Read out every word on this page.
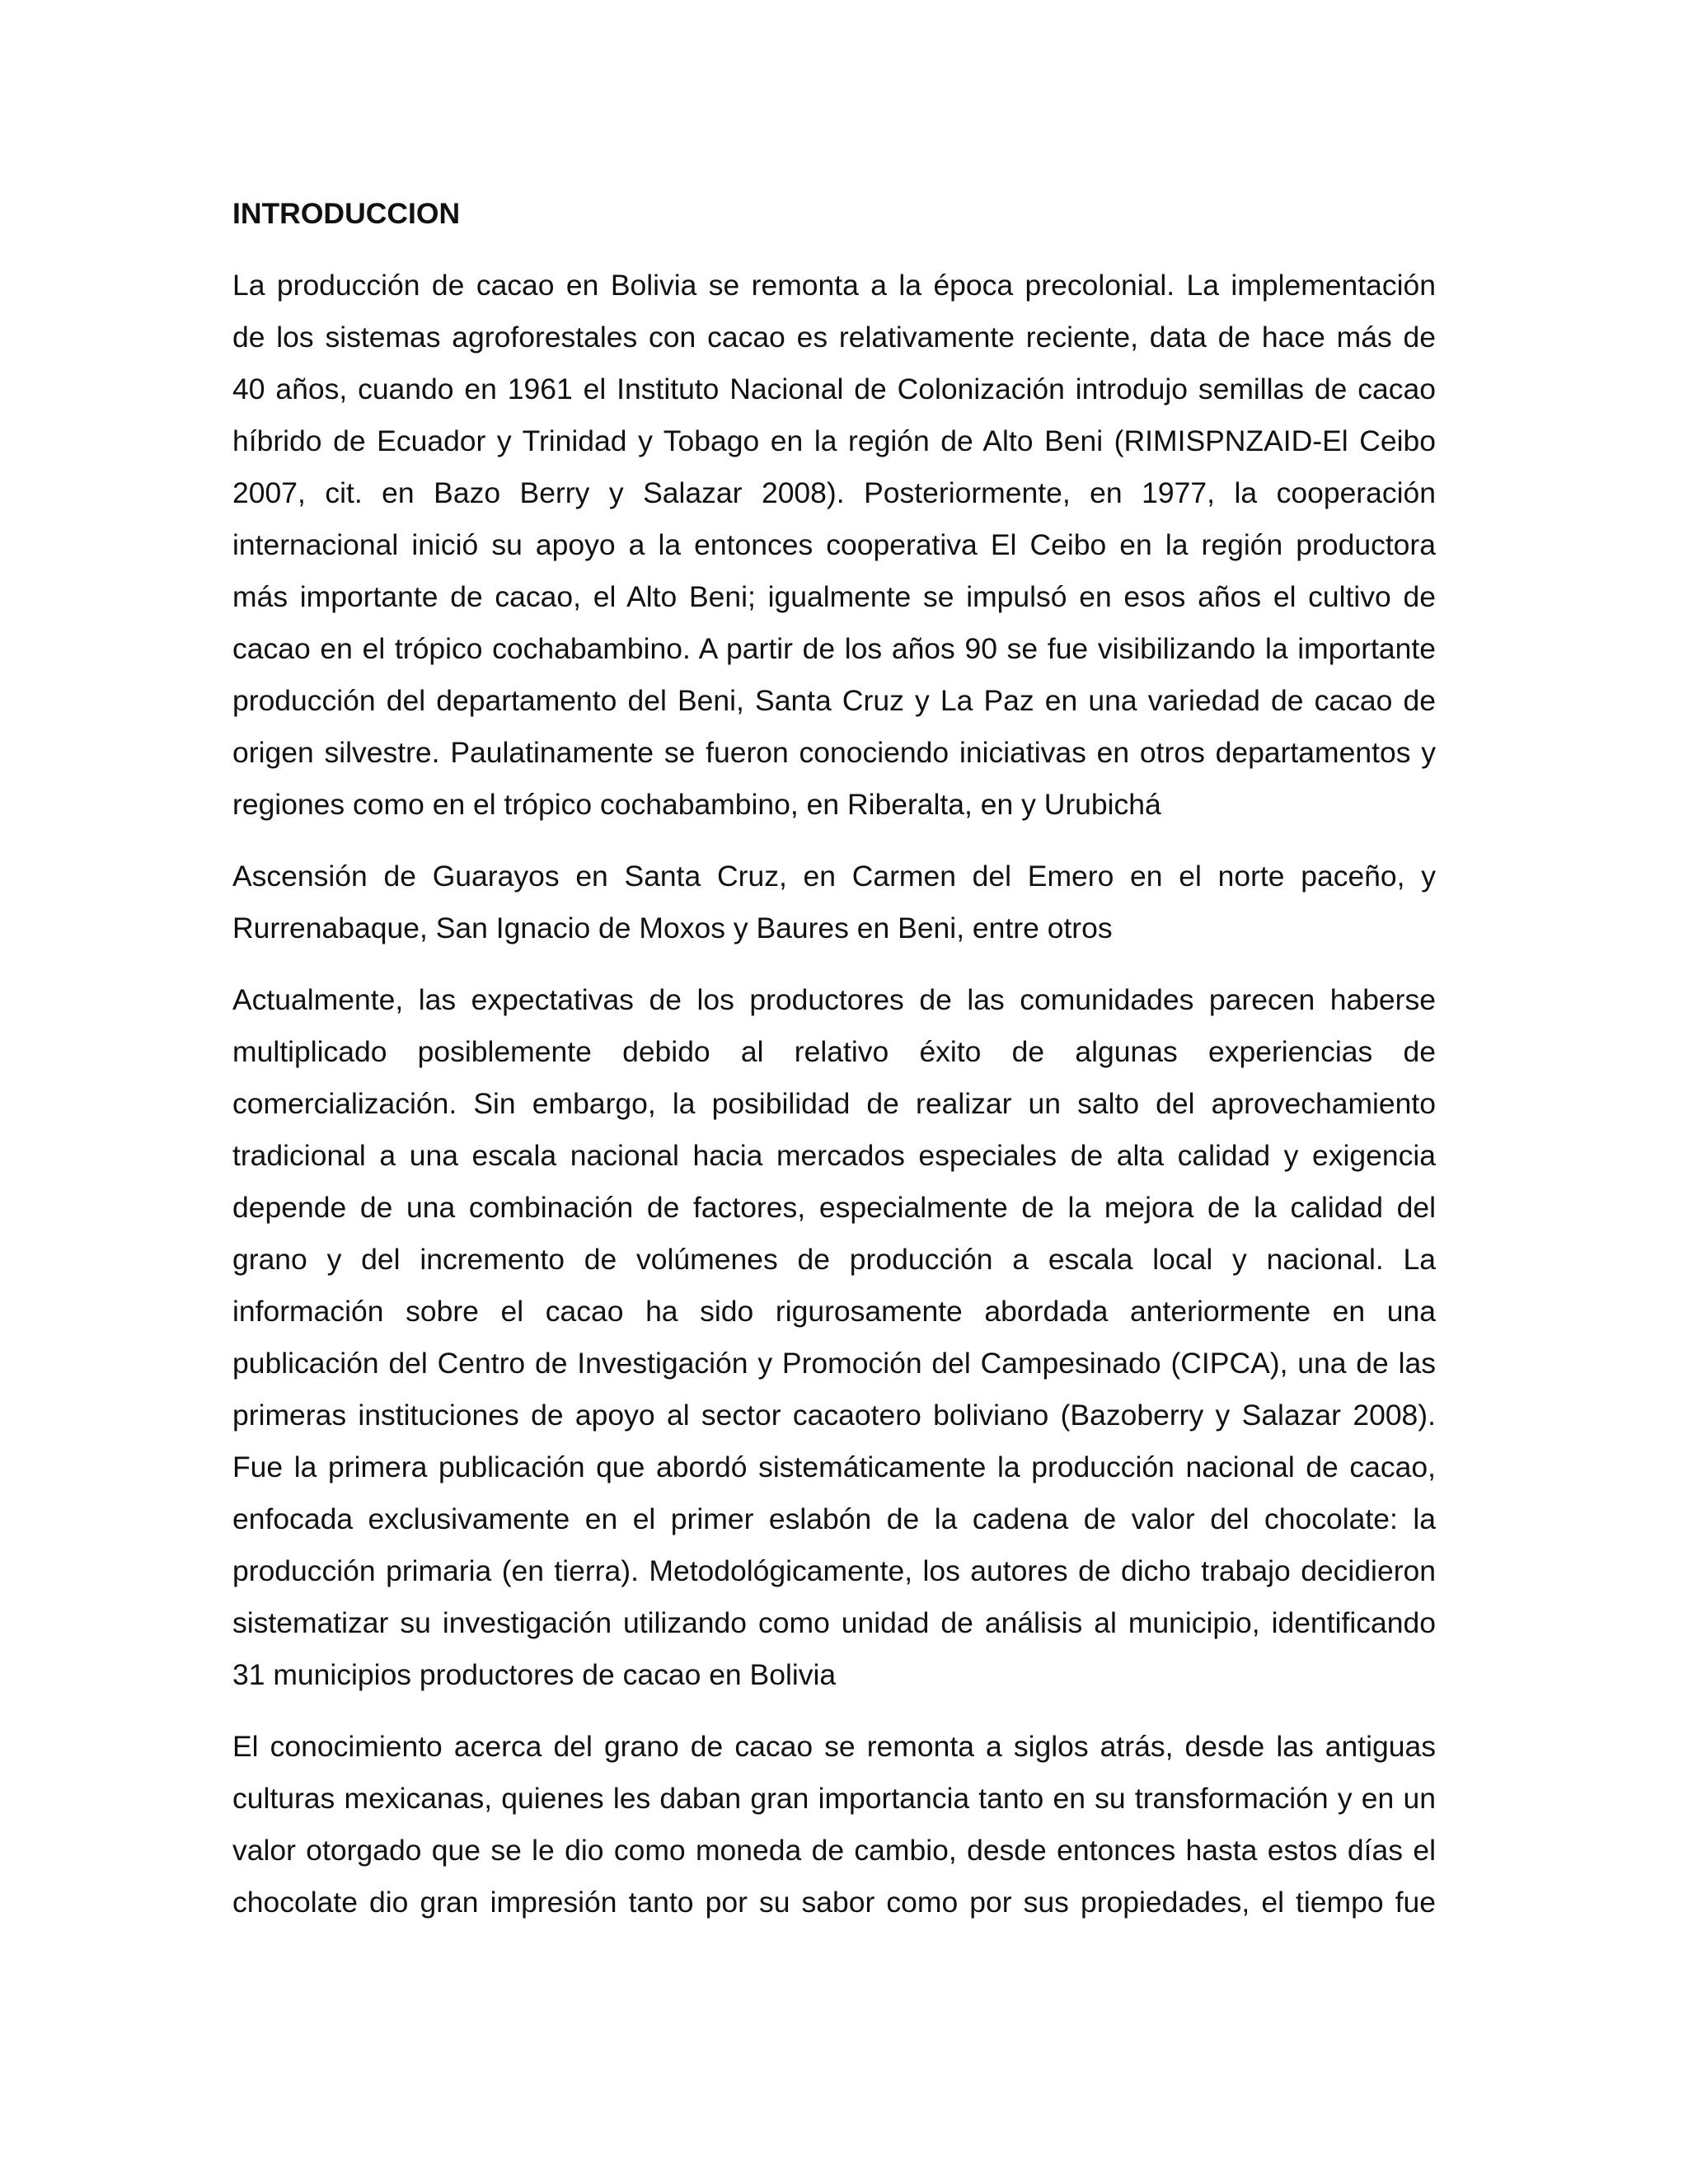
INTRODUCCION
La producción de cacao en Bolivia se remonta a la época precolonial. La implementación
de los sistemas agroforestales con cacao es relativamente reciente, data de hace más de
40 años, cuando en 1961 el Instituto Nacional de Colonización introdujo semillas de cacao
híbrido de Ecuador y Trinidad y Tobago en la región de Alto Beni (RIMISPNZAID-El Ceibo
2007, cit. en Bazo Berry y Salazar 2008). Posteriormente, en 1977, la cooperación
internacional inició su apoyo a la entonces cooperativa El Ceibo en la región productora
más importante de cacao, el Alto Beni; igualmente se impulsó en esos años el cultivo de
cacao en el trópico cochabambino. A partir de los años 90 se fue visibilizando la importante
producción del departamento del Beni, Santa Cruz y La Paz en una variedad de cacao de
origen silvestre. Paulatinamente se fueron conociendo iniciativas en otros departamentos y
regiones como en el trópico cochabambino, en Riberalta, en y Urubichá
Ascensión de Guarayos en Santa Cruz, en Carmen del Emero en el norte paceño, y
Rurrenabaque, San Ignacio de Moxos y Baures en Beni, entre otros
Actualmente, las expectativas de los productores de las comunidades parecen haberse
multiplicado posiblemente debido al relativo éxito de algunas experiencias de
comercialización. Sin embargo, la posibilidad de realizar un salto del aprovechamiento
tradicional a una escala nacional hacia mercados especiales de alta calidad y exigencia
depende de una combinación de factores, especialmente de la mejora de la calidad del
grano y del incremento de volúmenes de producción a escala local y nacional. La
información sobre el cacao ha sido rigurosamente abordada anteriormente en una
publicación del Centro de Investigación y Promoción del Campesinado (CIPCA), una de las
primeras instituciones de apoyo al sector cacaotero boliviano (Bazoberry y Salazar 2008).
Fue la primera publicación que abordó sistemáticamente la producción nacional de cacao,
enfocada exclusivamente en el primer eslabón de la cadena de valor del chocolate: la
producción primaria (en tierra). Metodológicamente, los autores de dicho trabajo decidieron
sistematizar su investigación utilizando como unidad de análisis al municipio, identificando
31 municipios productores de cacao en Bolivia
El conocimiento acerca del grano de cacao se remonta a siglos atrás, desde las antiguas
culturas mexicanas, quienes les daban gran importancia tanto en su transformación y en un
valor otorgado que se le dio como moneda de cambio, desde entonces hasta estos días el
chocolate dio gran impresión tanto por su sabor como por sus propiedades, el tiempo fue
